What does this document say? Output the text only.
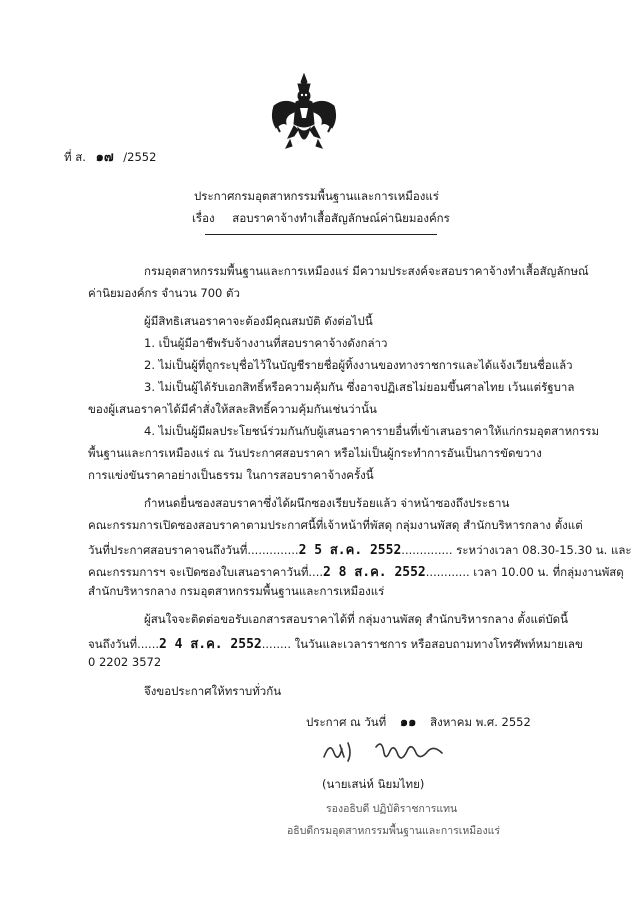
ที่ ส. ๑๗ /2552
ประกาศกรมอุตสาหกรรมพื้นฐานและการเหมืองแร่
เรื่อง สอบราคาจ้างทำเสื้อสัญลักษณ์ค่านิยมองค์กร
กรมอุตสาหกรรมพื้นฐานและการเหมืองแร่ มีความประสงค์จะสอบราคาจ้างทำเสื้อสัญลักษณ์
ค่านิยมองค์กร จำนวน 700 ตัว
ผู้มีสิทธิเสนอราคาจะต้องมีคุณสมบัติ ดังต่อไปนี้
1. เป็นผู้มีอาชีพรับจ้างงานที่สอบราคาจ้างดังกล่าว
2. ไม่เป็นผู้ที่ถูกระบุชื่อไว้ในบัญชีรายชื่อผู้ทิ้งงานของทางราชการและได้แจ้งเวียนชื่อแล้ว
3. ไม่เป็นผู้ได้รับเอกสิทธิ์หรือความคุ้มกัน ซึ่งอาจปฏิเสธไม่ยอมขึ้นศาลไทย เว้นแต่รัฐบาล
ของผู้เสนอราคาได้มีคำสั่งให้สละสิทธิ์ความคุ้มกันเช่นว่านั้น
4. ไม่เป็นผู้มีผลประโยชน์ร่วมกันกับผู้เสนอราคารายอื่นที่เข้าเสนอราคาให้แก่กรมอุตสาหกรรม
พื้นฐานและการเหมืองแร่ ณ วันประกาศสอบราคา หรือไม่เป็นผู้กระทำการอันเป็นการขัดขวาง
การแข่งขันราคาอย่างเป็นธรรม ในการสอบราคาจ้างครั้งนี้
กำหนดยื่นซองสอบราคาซึ่งได้ผนึกซองเรียบร้อยแล้ว จ่าหน้าซองถึงประธาน
คณะกรรมการเปิดซองสอบราคาตามประกาศนี้ที่เจ้าหน้าที่พัสดุ กลุ่มงานพัสดุ สำนักบริหารกลาง ตั้งแต่
วันที่ประกาศสอบราคาจนถึงวันที่..............2 5 ส.ค. 2552.............. ระหว่างเวลา 08.30-15.30 น. และ
คณะกรรมการฯ จะเปิดซองใบเสนอราคาวันที่....2 8 ส.ค. 2552............ เวลา 10.00 น. ที่กลุ่มงานพัสดุ
สำนักบริหารกลาง กรมอุตสาหกรรมพื้นฐานและการเหมืองแร่
ผู้สนใจจะติดต่อขอรับเอกสารสอบราคาได้ที่ กลุ่มงานพัสดุ สำนักบริหารกลาง ตั้งแต่บัดนี้
จนถึงวันที่......2 4 ส.ค. 2552........ ในวันและเวลาราชการ หรือสอบถามทางโทรศัพท์หมายเลข
0 2202 3572
จึงขอประกาศให้ทราบทั่วกัน
ประกาศ ณ วันที่ ๑๑ สิงหาคม พ.ศ. 2552
(นายเสน่ห์ นิยมไทย)
รองอธิบดี ปฏิบัติราชการแทน
อธิบดีกรมอุตสาหกรรมพื้นฐานและการเหมืองแร่
